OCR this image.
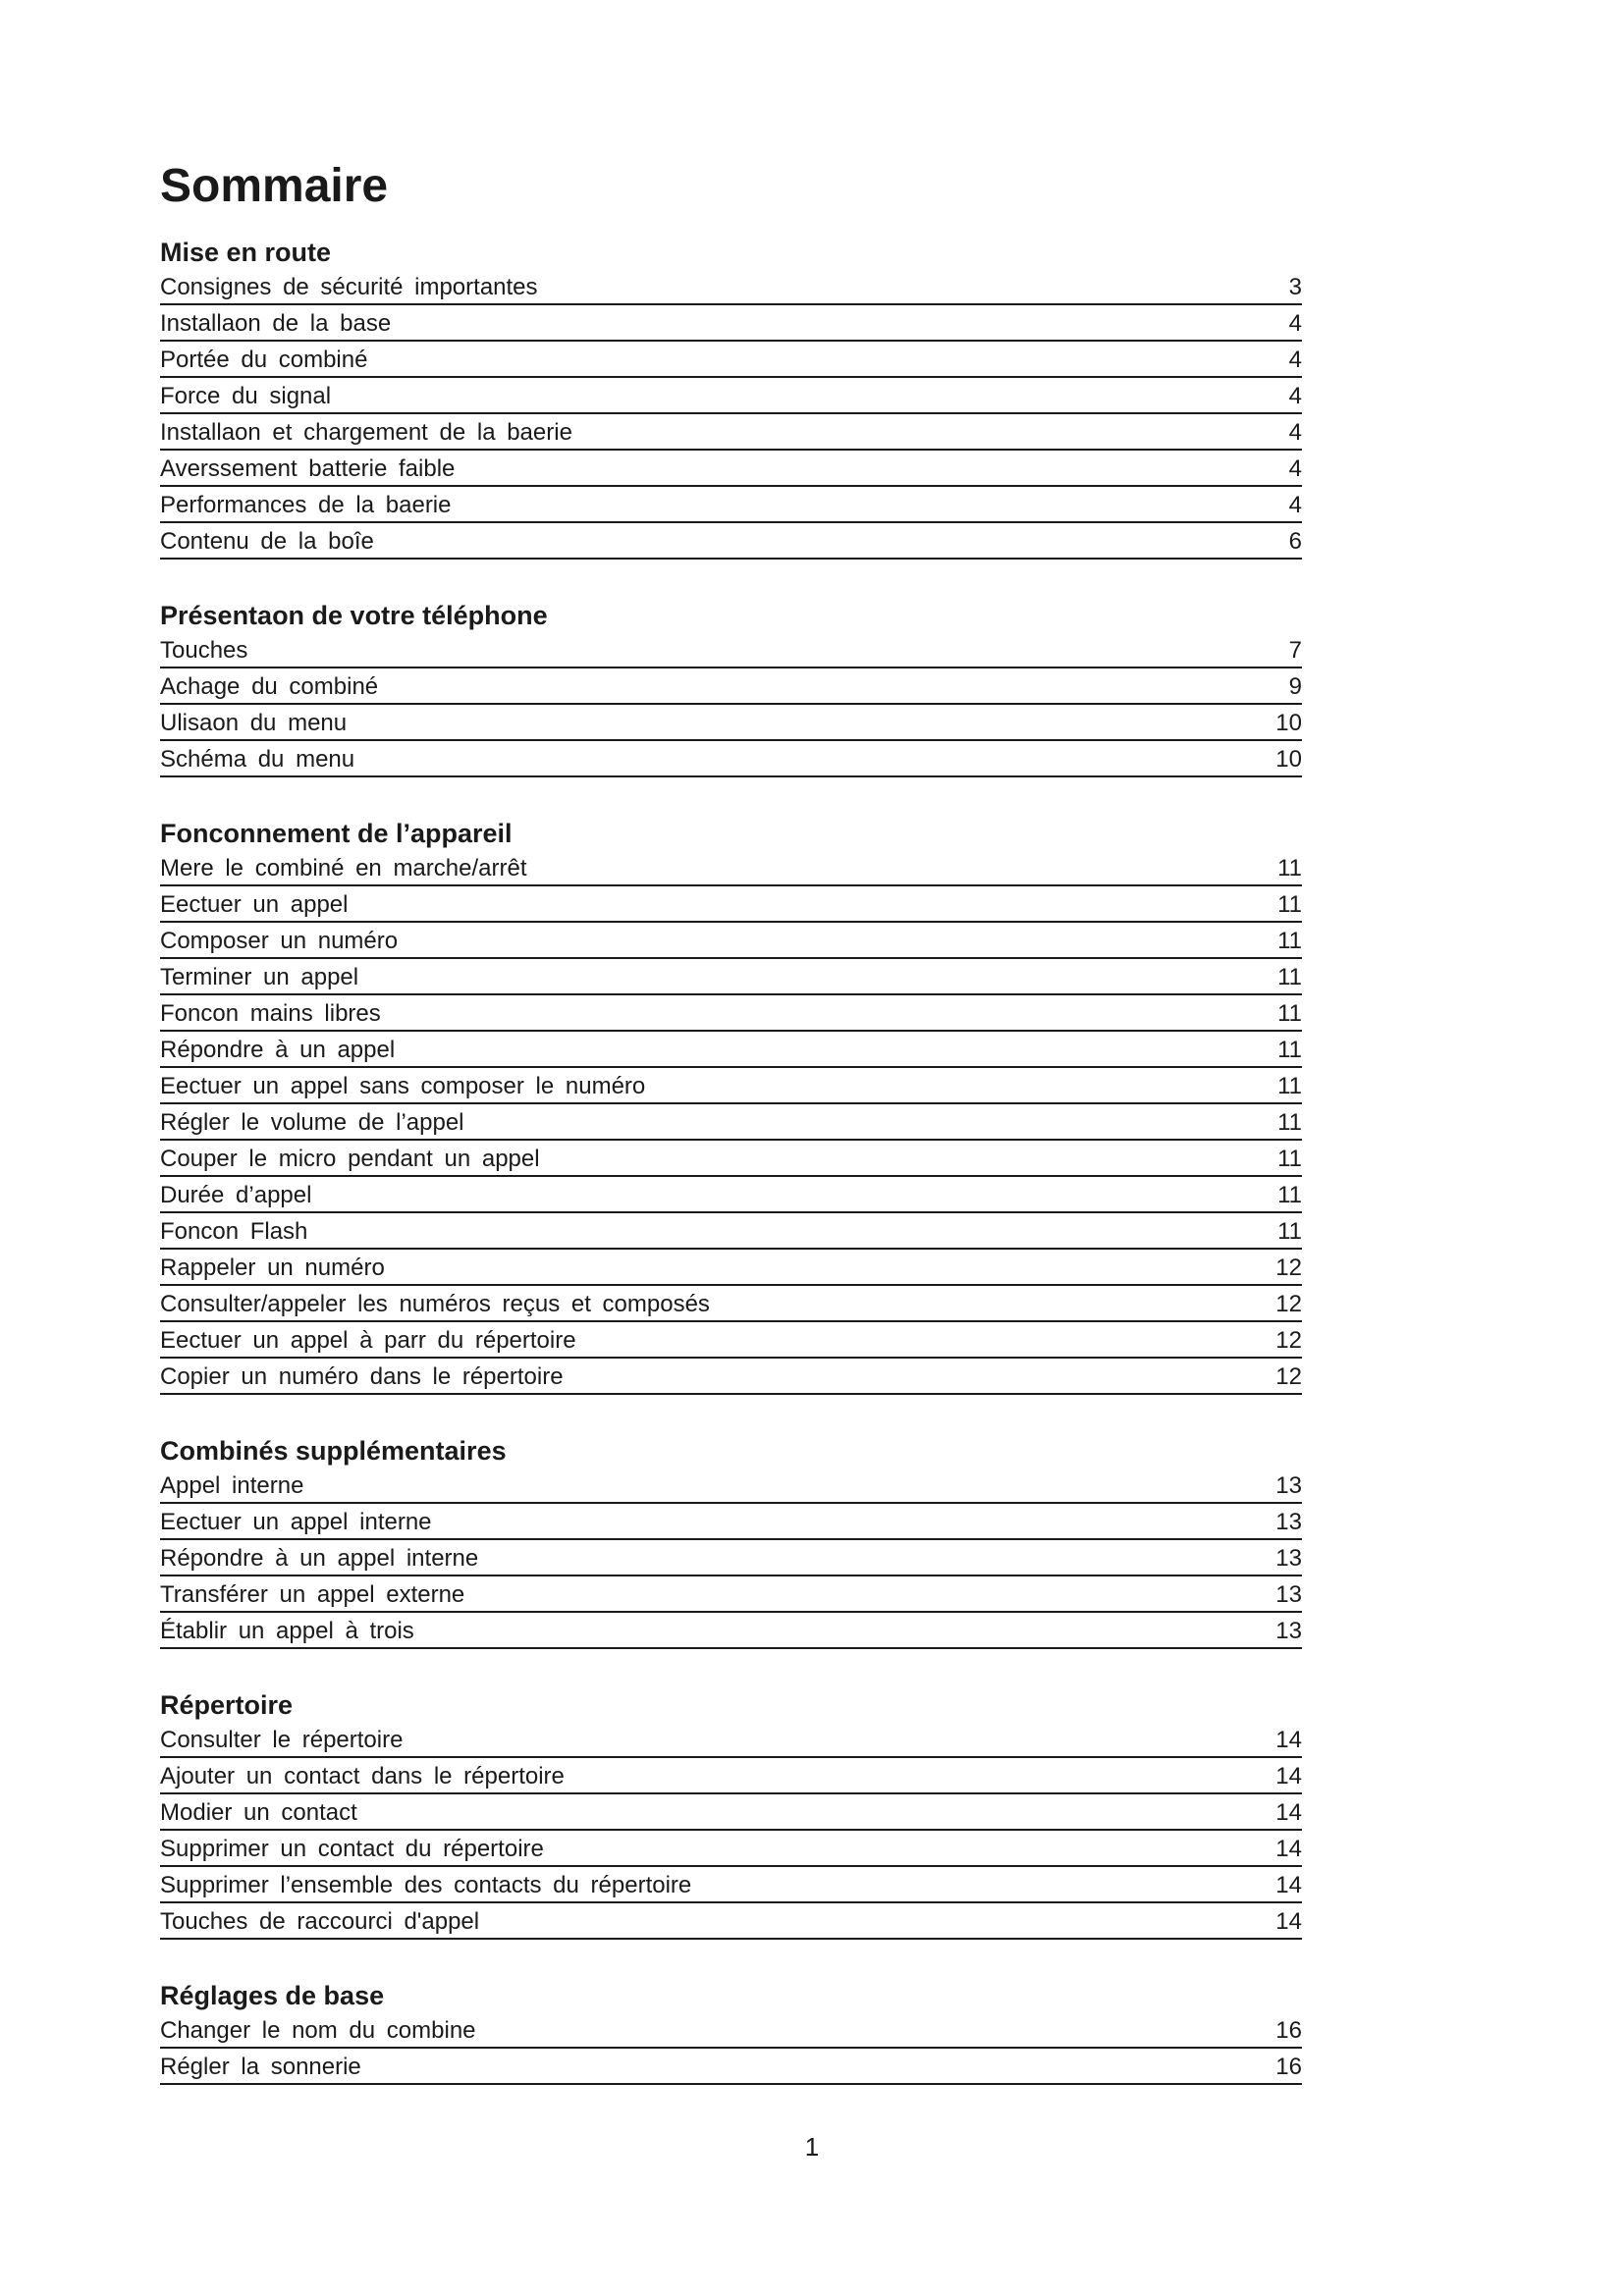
Sommaire
Mise en route
Consignes de sécurité importantes	3
Installaon de la base	4
Portée du combiné	4
Force du signal	4
Installaon et chargement de la baerie	4
Averssement batterie faible	4
Performances de la baerie	4
Contenu de la boîe	6
Présentaon de votre téléphone
Touches	7
Achage du combiné	9
Ulisaon du menu	10
Schéma du menu	10
Fonconnement de l’appareil
Mere le combiné en marche/arrêt	11
Eectuer un appel	11
Composer un numéro	11
Terminer un appel	11
Foncon mains libres	11
Répondre à un appel	11
Eectuer un appel sans composer le numéro	11
Régler le volume de l’appel	11
Couper le micro pendant un appel	11
Durée d’appel	11
Foncon Flash	11
Rappeler un numéro	12
Consulter/appeler les numéros reçus et composés	12
Eectuer un appel à parr du répertoire	12
Copier un numéro dans le répertoire	12
Combinés supplémentaires
Appel interne	13
Eectuer un appel interne	13
Répondre à un appel interne	13
Transférer un appel externe	13
Établir un appel à trois	13
Répertoire
Consulter le répertoire	14
Ajouter un contact dans le répertoire	14
Modier un contact	14
Supprimer un contact du répertoire	14
Supprimer l’ensemble des contacts du répertoire	14
Touches de raccourci d'appel	14
Réglages de base
Changer le nom du combine	16
Régler la sonnerie	16
1
